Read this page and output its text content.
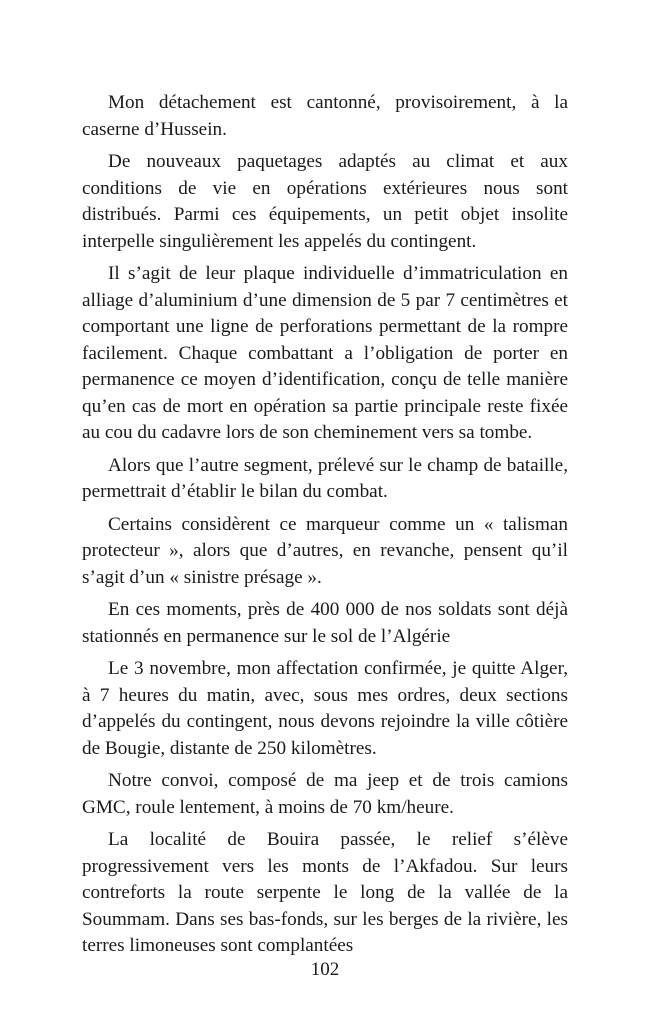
Mon détachement est cantonné, provisoirement, à la caserne d’Hussein.

De nouveaux paquetages adaptés au climat et aux conditions de vie en opérations extérieures nous sont distribués. Parmi ces équipements, un petit objet insolite interpelle singulièrement les appelés du contingent.

Il s’agit de leur plaque individuelle d’immatriculation en alliage d’aluminium d’une dimension de 5 par 7 centimètres et comportant une ligne de perforations permettant de la rompre facilement. Chaque combattant a l’obligation de porter en permanence ce moyen d’identification, conçu de telle manière qu’en cas de mort en opération sa partie principale reste fixée au cou du cadavre lors de son cheminement vers sa tombe.

Alors que l’autre segment, prélevé sur le champ de bataille, permettrait d’établir le bilan du combat.

Certains considèrent ce marqueur comme un « talisman protecteur », alors que d’autres, en revanche, pensent qu’il s’agit d’un « sinistre présage ».

En ces moments, près de 400 000 de nos soldats sont déjà stationnés en permanence sur le sol de l’Algérie

Le 3 novembre, mon affectation confirmée, je quitte Alger, à 7 heures du matin, avec, sous mes ordres, deux sections d’appelés du contingent, nous devons rejoindre la ville côtière de Bougie, distante de 250 kilomètres.

Notre convoi, composé de ma jeep et de trois camions GMC, roule lentement, à moins de 70 km/heure.

La localité de Bouira passée, le relief s’élève progressivement vers les monts de l’Akfadou. Sur leurs contreforts la route serpente le long de la vallée de la Soummam. Dans ses bas-fonds, sur les berges de la rivière, les terres limoneuses sont complantées

102
